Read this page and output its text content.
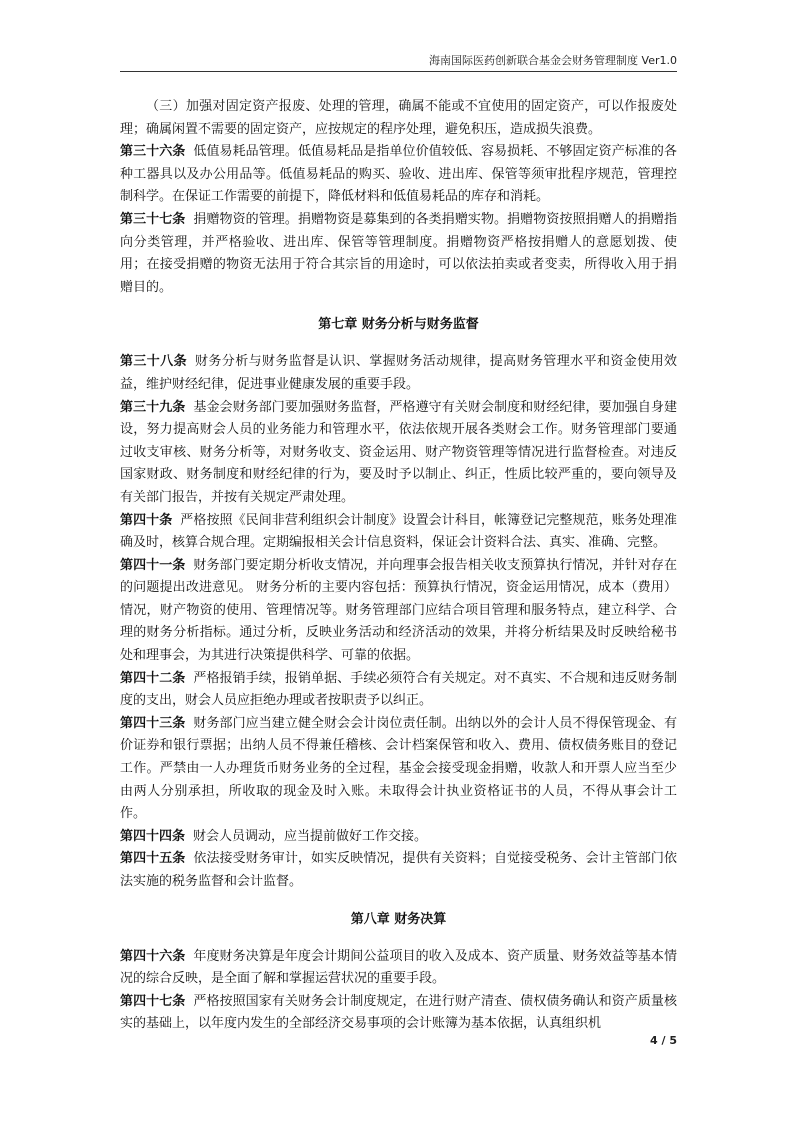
海南国际医药创新联合基金会财务管理制度 Ver1.0

（三）加强对固定资产报废、处理的管理，确属不能或不宜使用的固定资产，可以作报废处理；确属闲置不需要的固定资产，应按规定的程序处理，避免积压，造成损失浪费。

第三十六条 低值易耗品管理。低值易耗品是指单位价值较低、容易损耗、不够固定资产标准的各种工器具以及办公用品等。低值易耗品的购买、验收、进出库、保管等须审批程序规范，管理控制科学。在保证工作需要的前提下，降低材料和低值易耗品的库存和消耗。

第三十七条 捐赠物资的管理。捐赠物资是募集到的各类捐赠实物。捐赠物资按照捐赠人的捐赠指向分类管理，并严格验收、进出库、保管等管理制度。捐赠物资严格按捐赠人的意愿划拨、使用；在接受捐赠的物资无法用于符合其宗旨的用途时，可以依法拍卖或者变卖，所得收入用于捐赠目的。

第七章 财务分析与财务监督

第三十八条 财务分析与财务监督是认识、掌握财务活动规律，提高财务管理水平和资金使用效益，维护财经纪律，促进事业健康发展的重要手段。

第三十九条 基金会财务部门要加强财务监督，严格遵守有关财会制度和财经纪律，要加强自身建设，努力提高财会人员的业务能力和管理水平，依法依规开展各类财会工作。财务管理部门要通过收支审核、财务分析等，对财务收支、资金运用、财产物资管理等情况进行监督检查。对违反国家财政、财务制度和财经纪律的行为，要及时予以制止、纠正，性质比较严重的，要向领导及有关部门报告，并按有关规定严肃处理。

第四十条 严格按照《民间非营利组织会计制度》设置会计科目，帐簿登记完整规范，账务处理准确及时，核算合规合理。定期编报相关会计信息资料，保证会计资料合法、真实、准确、完整。

第四十一条 财务部门要定期分析收支情况，并向理事会报告相关收支预算执行情况，并针对存在的问题提出改进意见。 财务分析的主要内容包括：预算执行情况，资金运用情况，成本（费用）情况，财产物资的使用、管理情况等。财务管理部门应结合项目管理和服务特点，建立科学、合理的财务分析指标。通过分析，反映业务活动和经济活动的效果，并将分析结果及时反映给秘书处和理事会，为其进行决策提供科学、可靠的依据。

第四十二条 严格报销手续，报销单据、手续必须符合有关规定。对不真实、不合规和违反财务制度的支出，财会人员应拒绝办理或者按职责予以纠正。

第四十三条 财务部门应当建立健全财会会计岗位责任制。出纳以外的会计人员不得保管现金、有价证券和银行票据；出纳人员不得兼任稽核、会计档案保管和收入、费用、债权债务账目的登记工作。严禁由一人办理货币财务业务的全过程，基金会接受现金捐赠，收款人和开票人应当至少由两人分别承担，所收取的现金及时入账。未取得会计执业资格证书的人员，不得从事会计工作。

第四十四条 财会人员调动，应当提前做好工作交接。

第四十五条 依法接受财务审计，如实反映情况，提供有关资料；自觉接受税务、会计主管部门依法实施的税务监督和会计监督。

第八章 财务决算

第四十六条 年度财务决算是年度会计期间公益项目的收入及成本、资产质量、财务效益等基本情况的综合反映，是全面了解和掌握运营状况的重要手段。

第四十七条 严格按照国家有关财务会计制度规定，在进行财产清查、债权债务确认和资产质量核实的基础上，以年度内发生的全部经济交易事项的会计账簿为基本依据，认真组织机

4 / 5
